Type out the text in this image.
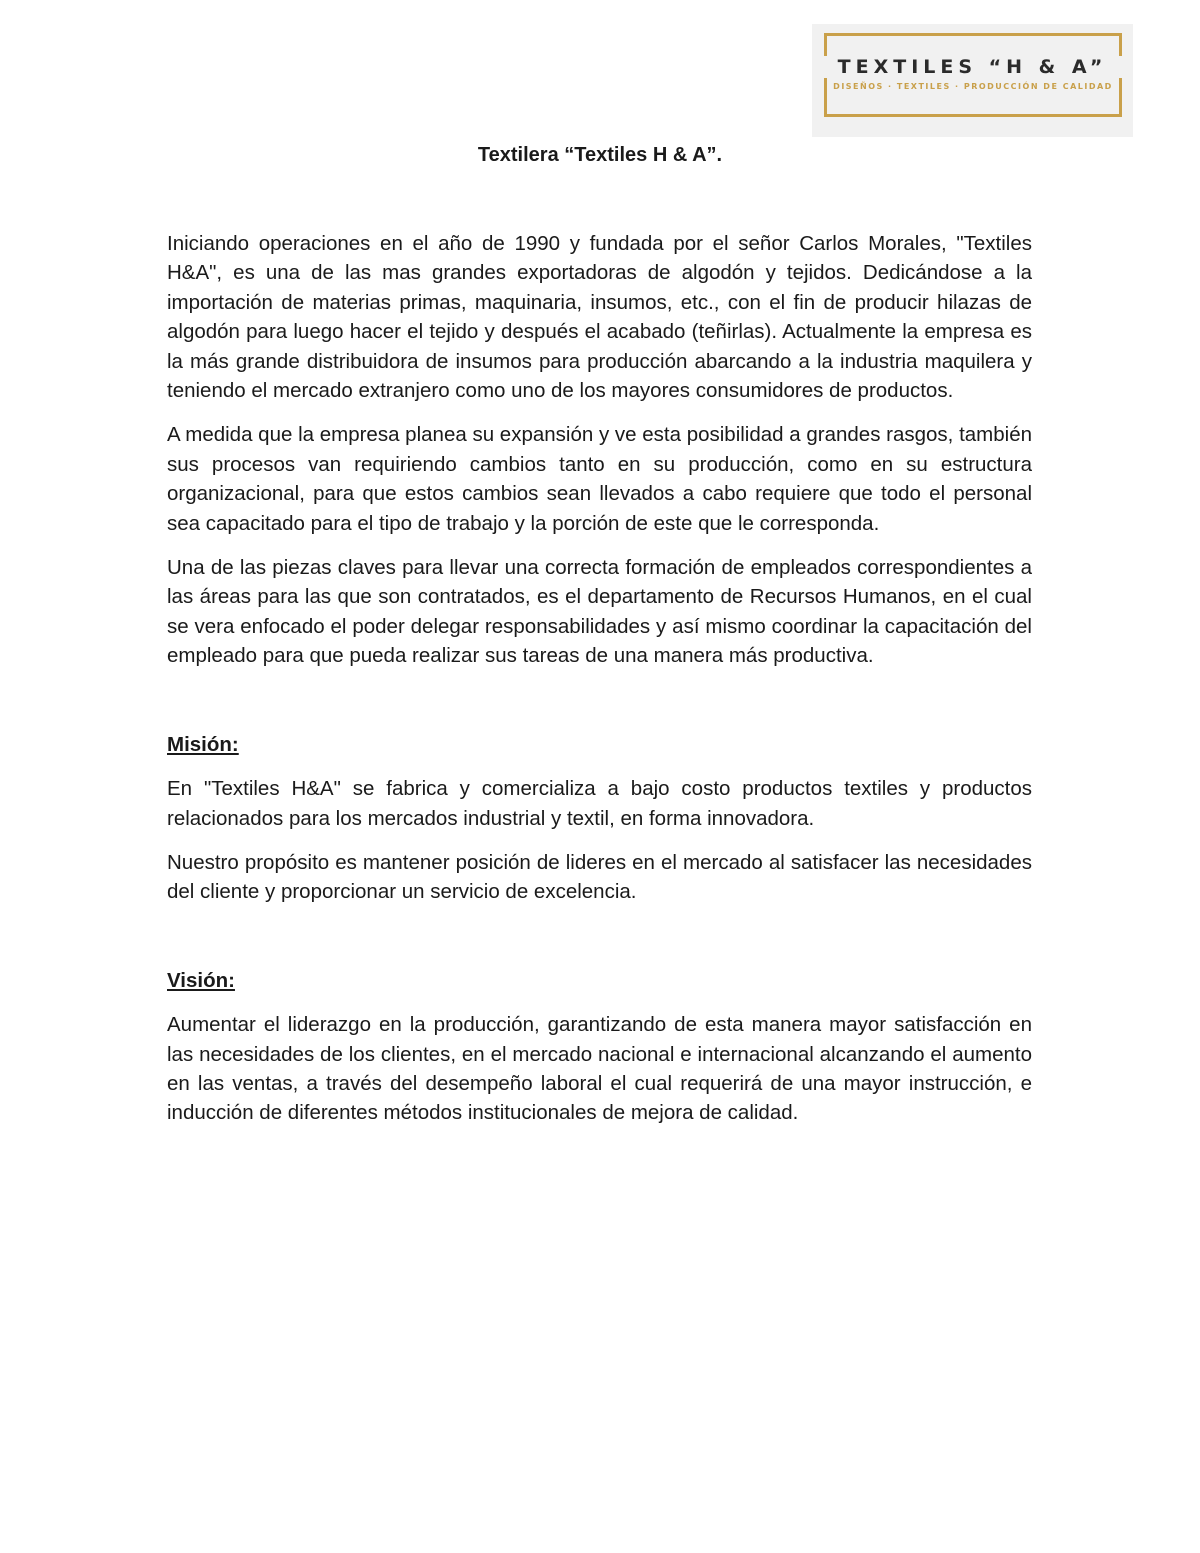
TEXTILES “H & A”
DISEÑOS · TEXTILES · PRODUCCIÓN DE CALIDAD
Textilera “Textiles H & A”.

Iniciando operaciones en el año de 1990 y fundada por el señor Carlos Morales, "Textiles H&A", es una de las mas grandes exportadoras de algodón y tejidos. Dedicándose a la importación de materias primas, maquinaria, insumos, etc., con el fin de producir hilazas de algodón para luego hacer el tejido y después el acabado (teñirlas). Actualmente la empresa es la más grande distribuidora de insumos para producción abarcando a la industria maquilera y teniendo el mercado extranjero como uno de los mayores consumidores de productos.

A medida que la empresa planea su expansión y ve esta posibilidad a grandes rasgos, también sus procesos van requiriendo cambios tanto en su producción, como en su estructura organizacional, para que estos cambios sean llevados a cabo requiere que todo el personal sea capacitado para el tipo de trabajo y la porción de este que le corresponda.

Una de las piezas claves para llevar una correcta formación de empleados correspondientes a las áreas para las que son contratados, es el departamento de Recursos Humanos, en el cual se vera enfocado el poder delegar responsabilidades y así mismo coordinar la capacitación del empleado para que pueda realizar sus tareas de una manera más productiva.

Misión:

En "Textiles H&A" se fabrica y comercializa a bajo costo productos textiles y productos relacionados para los mercados industrial y textil, en forma innovadora.

Nuestro propósito es mantener posición de lideres en el mercado al satisfacer las necesidades del cliente y proporcionar un servicio de excelencia.

Visión:

Aumentar el liderazgo en la producción, garantizando de esta manera mayor satisfacción en las necesidades de los clientes, en el mercado nacional e internacional alcanzando el aumento en las ventas, a través del desempeño laboral el cual requerirá de una mayor instrucción, e inducción de diferentes métodos institucionales de mejora de calidad.
